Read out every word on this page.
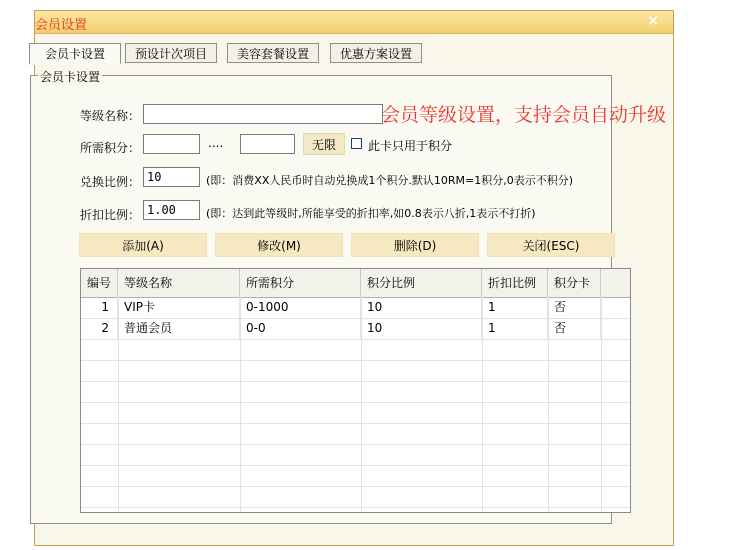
会员设置	×
会员卡设置	预设计次项目	美容套餐设置	优惠方案设置
会员卡设置
等级名称：
所需积分：	....	无限	此卡只用于积分
兑换比例：
10	(即：消费XX人民币时自动兑换成1个积分.默认10RM=1积分,0表示不积分)
折扣比例：
1.00	(即：达到此等级时,所能享受的折扣率,如0.8表示八折,1表示不打折)
添加(A)	修改(M)	删除(D)	关闭(ESC)
编号	等级名称	所需积分	积分比例	折扣比例	积分卡
1	VIP卡	0-1000	10	1	否
2	普通会员	0-0	10	1	否
会员等级设置，支持会员自动升级
